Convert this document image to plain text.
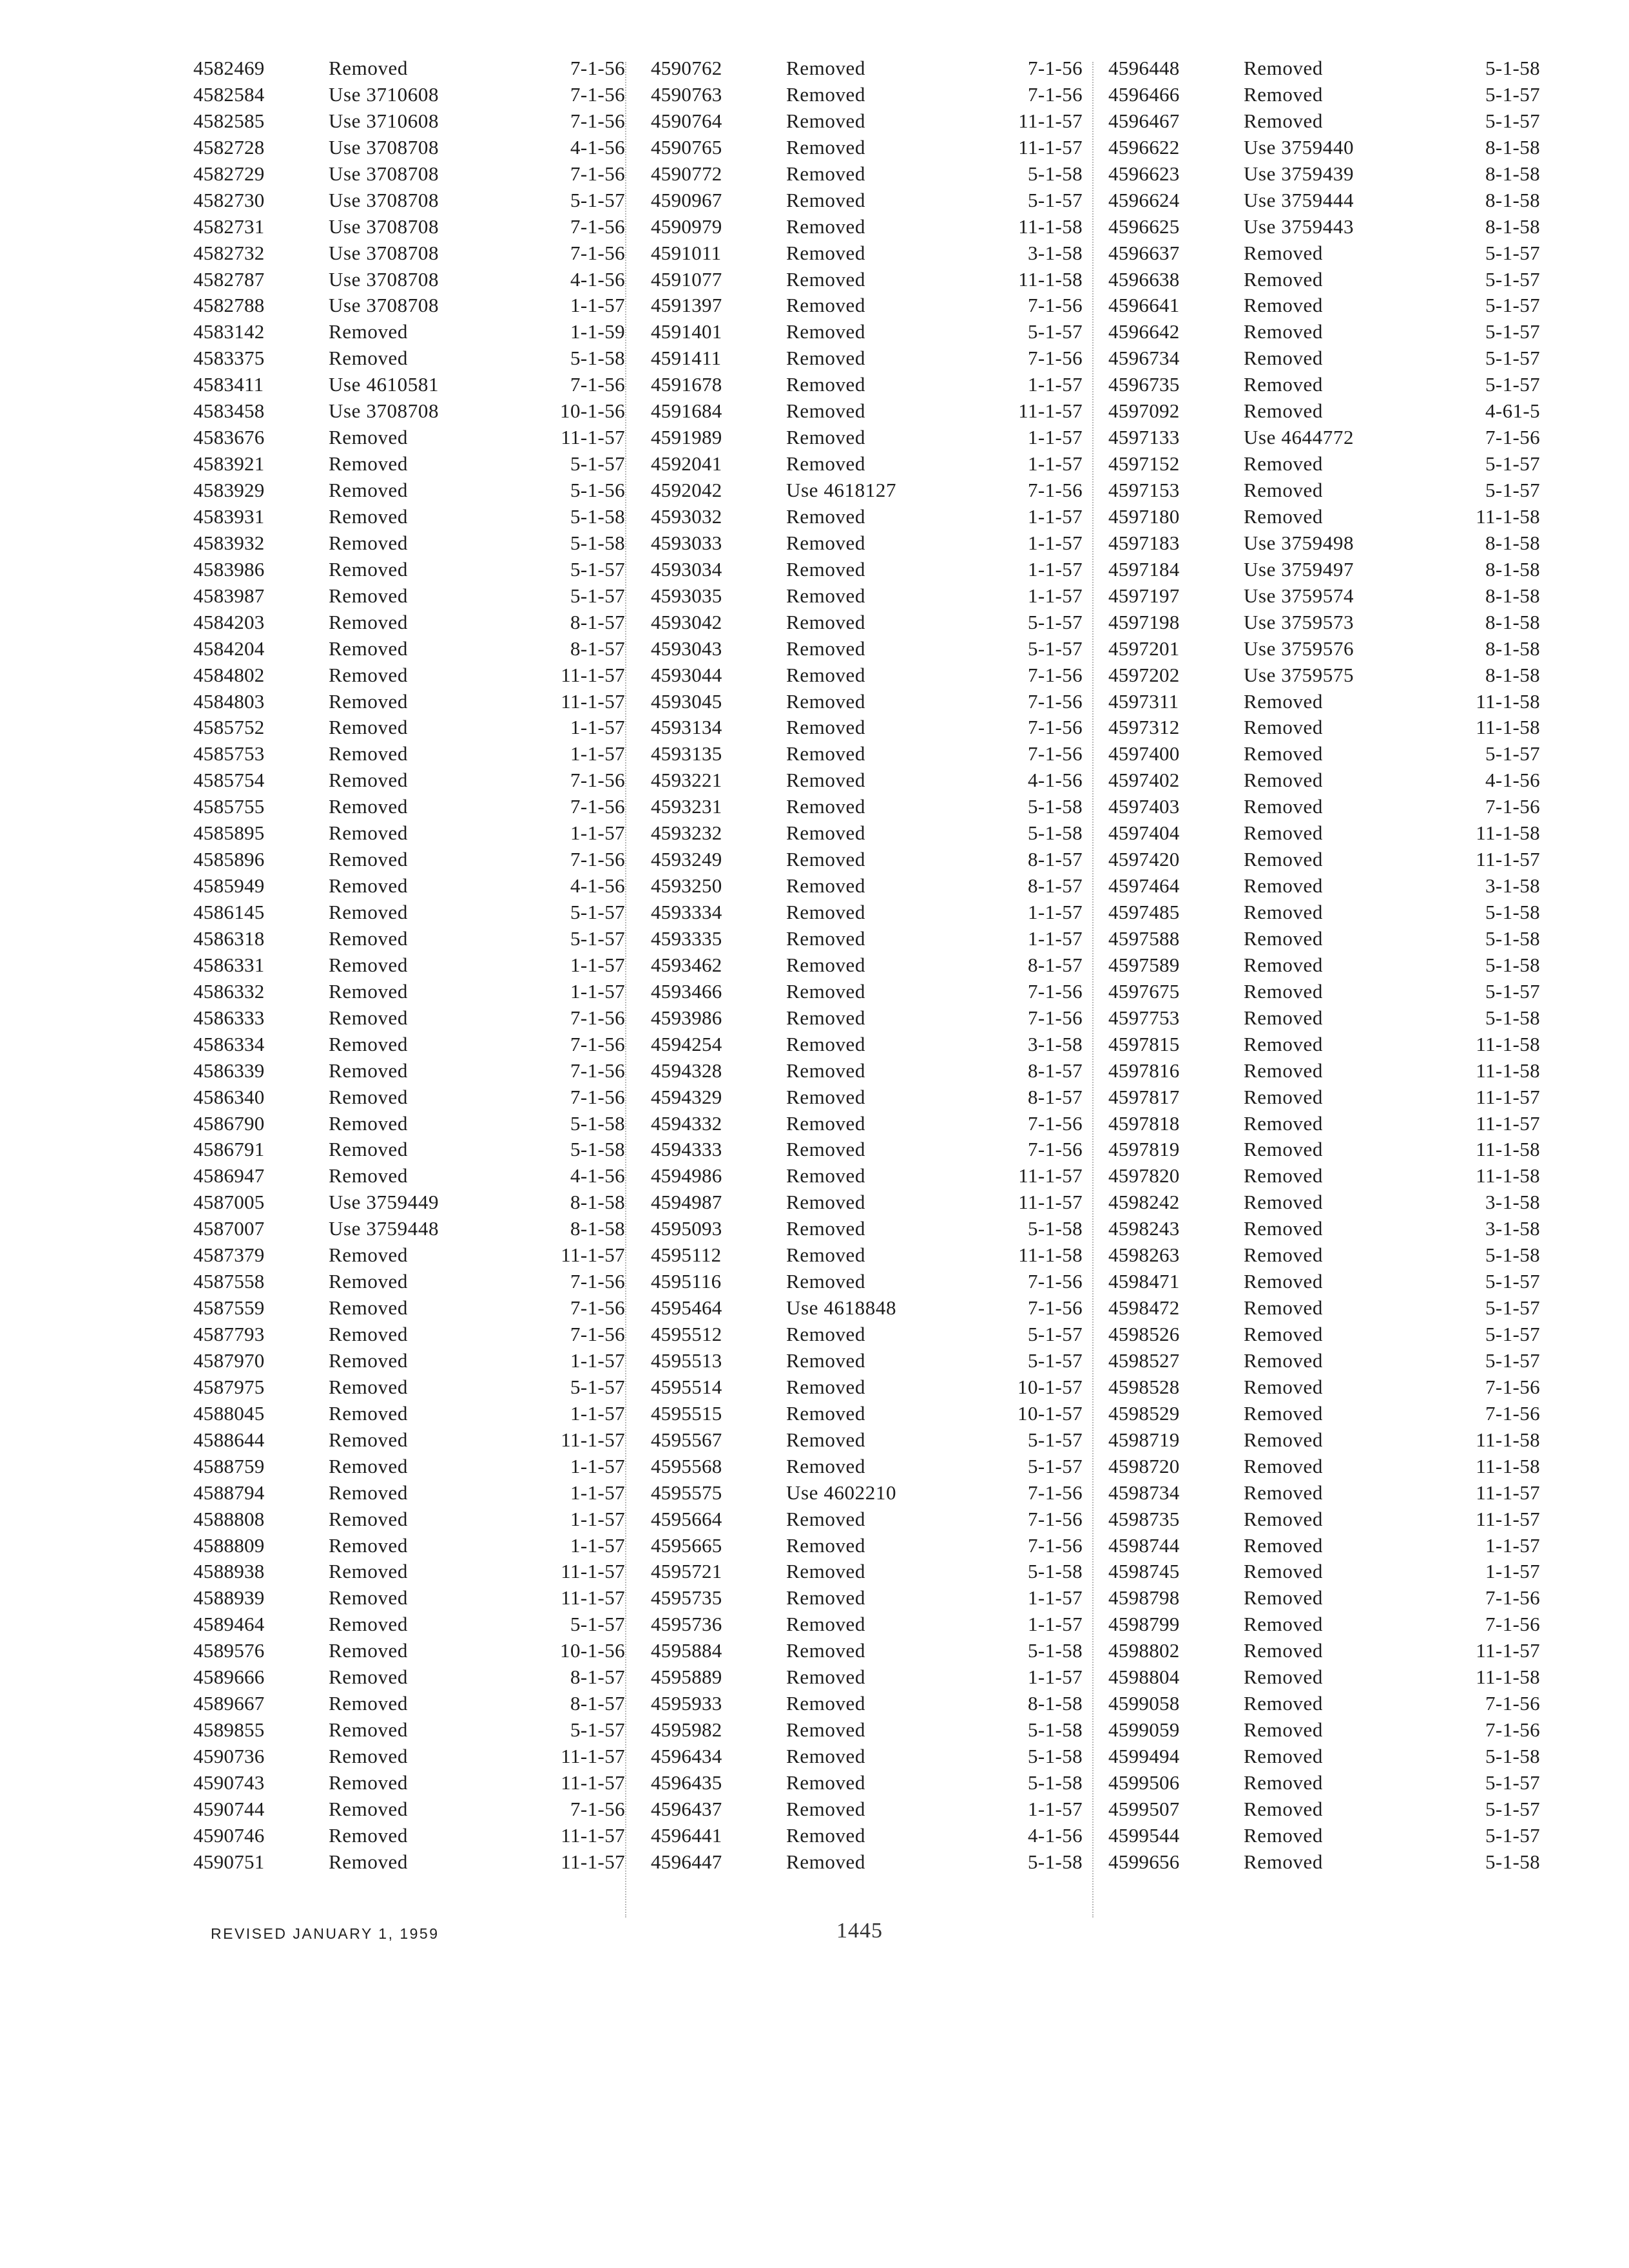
4582469	Removed	7-1-56
4582584	Use 3710608	7-1-56
4582585	Use 3710608	7-1-56
4582728	Use 3708708	4-1-56
4582729	Use 3708708	7-1-56
4582730	Use 3708708	5-1-57
4582731	Use 3708708	7-1-56
4582732	Use 3708708	7-1-56
4582787	Use 3708708	4-1-56
4582788	Use 3708708	1-1-57
4583142	Removed	1-1-59
4583375	Removed	5-1-58
4583411	Use 4610581	7-1-56
4583458	Use 3708708	10-1-56
4583676	Removed	11-1-57
4583921	Removed	5-1-57
4583929	Removed	5-1-56
4583931	Removed	5-1-58
4583932	Removed	5-1-58
4583986	Removed	5-1-57
4583987	Removed	5-1-57
4584203	Removed	8-1-57
4584204	Removed	8-1-57
4584802	Removed	11-1-57
4584803	Removed	11-1-57
4585752	Removed	1-1-57
4585753	Removed	1-1-57
4585754	Removed	7-1-56
4585755	Removed	7-1-56
4585895	Removed	1-1-57
4585896	Removed	7-1-56
4585949	Removed	4-1-56
4586145	Removed	5-1-57
4586318	Removed	5-1-57
4586331	Removed	1-1-57
4586332	Removed	1-1-57
4586333	Removed	7-1-56
4586334	Removed	7-1-56
4586339	Removed	7-1-56
4586340	Removed	7-1-56
4586790	Removed	5-1-58
4586791	Removed	5-1-58
4586947	Removed	4-1-56
4587005	Use 3759449	8-1-58
4587007	Use 3759448	8-1-58
4587379	Removed	11-1-57
4587558	Removed	7-1-56
4587559	Removed	7-1-56
4587793	Removed	7-1-56
4587970	Removed	1-1-57
4587975	Removed	5-1-57
4588045	Removed	1-1-57
4588644	Removed	11-1-57
4588759	Removed	1-1-57
4588794	Removed	1-1-57
4588808	Removed	1-1-57
4588809	Removed	1-1-57
4588938	Removed	11-1-57
4588939	Removed	11-1-57
4589464	Removed	5-1-57
4589576	Removed	10-1-56
4589666	Removed	8-1-57
4589667	Removed	8-1-57
4589855	Removed	5-1-57
4590736	Removed	11-1-57
4590743	Removed	11-1-57
4590744	Removed	7-1-56
4590746	Removed	11-1-57
4590751	Removed	11-1-57
4590762	Removed	7-1-56
4590763	Removed	7-1-56
4590764	Removed	11-1-57
4590765	Removed	11-1-57
4590772	Removed	5-1-58
4590967	Removed	5-1-57
4590979	Removed	11-1-58
4591011	Removed	3-1-58
4591077	Removed	11-1-58
4591397	Removed	7-1-56
4591401	Removed	5-1-57
4591411	Removed	7-1-56
4591678	Removed	1-1-57
4591684	Removed	11-1-57
4591989	Removed	1-1-57
4592041	Removed	1-1-57
4592042	Use 4618127	7-1-56
4593032	Removed	1-1-57
4593033	Removed	1-1-57
4593034	Removed	1-1-57
4593035	Removed	1-1-57
4593042	Removed	5-1-57
4593043	Removed	5-1-57
4593044	Removed	7-1-56
4593045	Removed	7-1-56
4593134	Removed	7-1-56
4593135	Removed	7-1-56
4593221	Removed	4-1-56
4593231	Removed	5-1-58
4593232	Removed	5-1-58
4593249	Removed	8-1-57
4593250	Removed	8-1-57
4593334	Removed	1-1-57
4593335	Removed	1-1-57
4593462	Removed	8-1-57
4593466	Removed	7-1-56
4593986	Removed	7-1-56
4594254	Removed	3-1-58
4594328	Removed	8-1-57
4594329	Removed	8-1-57
4594332	Removed	7-1-56
4594333	Removed	7-1-56
4594986	Removed	11-1-57
4594987	Removed	11-1-57
4595093	Removed	5-1-58
4595112	Removed	11-1-58
4595116	Removed	7-1-56
4595464	Use 4618848	7-1-56
4595512	Removed	5-1-57
4595513	Removed	5-1-57
4595514	Removed	10-1-57
4595515	Removed	10-1-57
4595567	Removed	5-1-57
4595568	Removed	5-1-57
4595575	Use 4602210	7-1-56
4595664	Removed	7-1-56
4595665	Removed	7-1-56
4595721	Removed	5-1-58
4595735	Removed	1-1-57
4595736	Removed	1-1-57
4595884	Removed	5-1-58
4595889	Removed	1-1-57
4595933	Removed	8-1-58
4595982	Removed	5-1-58
4596434	Removed	5-1-58
4596435	Removed	5-1-58
4596437	Removed	1-1-57
4596441	Removed	4-1-56
4596447	Removed	5-1-58
4596448	Removed	5-1-58
4596466	Removed	5-1-57
4596467	Removed	5-1-57
4596622	Use 3759440	8-1-58
4596623	Use 3759439	8-1-58
4596624	Use 3759444	8-1-58
4596625	Use 3759443	8-1-58
4596637	Removed	5-1-57
4596638	Removed	5-1-57
4596641	Removed	5-1-57
4596642	Removed	5-1-57
4596734	Removed	5-1-57
4596735	Removed	5-1-57
4597092	Removed	4-61-5
4597133	Use 4644772	7-1-56
4597152	Removed	5-1-57
4597153	Removed	5-1-57
4597180	Removed	11-1-58
4597183	Use 3759498	8-1-58
4597184	Use 3759497	8-1-58
4597197	Use 3759574	8-1-58
4597198	Use 3759573	8-1-58
4597201	Use 3759576	8-1-58
4597202	Use 3759575	8-1-58
4597311	Removed	11-1-58
4597312	Removed	11-1-58
4597400	Removed	5-1-57
4597402	Removed	4-1-56
4597403	Removed	7-1-56
4597404	Removed	11-1-58
4597420	Removed	11-1-57
4597464	Removed	3-1-58
4597485	Removed	5-1-58
4597588	Removed	5-1-58
4597589	Removed	5-1-58
4597675	Removed	5-1-57
4597753	Removed	5-1-58
4597815	Removed	11-1-58
4597816	Removed	11-1-58
4597817	Removed	11-1-57
4597818	Removed	11-1-57
4597819	Removed	11-1-58
4597820	Removed	11-1-58
4598242	Removed	3-1-58
4598243	Removed	3-1-58
4598263	Removed	5-1-58
4598471	Removed	5-1-57
4598472	Removed	5-1-57
4598526	Removed	5-1-57
4598527	Removed	5-1-57
4598528	Removed	7-1-56
4598529	Removed	7-1-56
4598719	Removed	11-1-58
4598720	Removed	11-1-58
4598734	Removed	11-1-57
4598735	Removed	11-1-57
4598744	Removed	1-1-57
4598745	Removed	1-1-57
4598798	Removed	7-1-56
4598799	Removed	7-1-56
4598802	Removed	11-1-57
4598804	Removed	11-1-58
4599058	Removed	7-1-56
4599059	Removed	7-1-56
4599494	Removed	5-1-58
4599506	Removed	5-1-57
4599507	Removed	5-1-57
4599544	Removed	5-1-57
4599656	Removed	5-1-58
REVISED JANUARY 1, 1959	1445
